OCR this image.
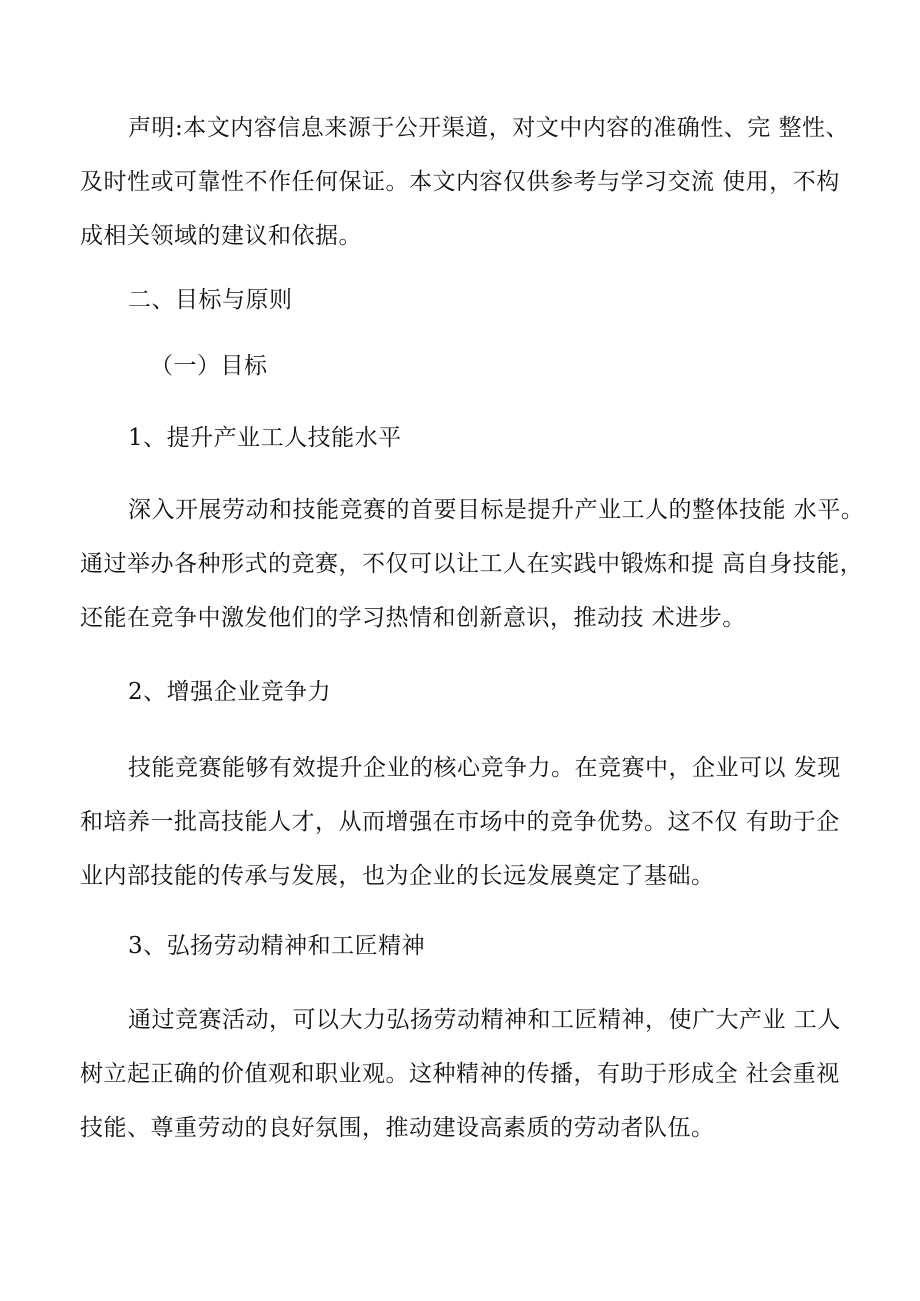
声明:本文内容信息来源于公开渠道，对文中内容的准确性、完 整性、
及时性或可靠性不作任何保证。本文内容仅供参考与学习交流 使用，不构
成相关领域的建议和依据。
二、目标与原则
（一）目标
1、提升产业工人技能水平
深入开展劳动和技能竞赛的首要目标是提升产业工人的整体技能 水平。
通过举办各种形式的竞赛，不仅可以让工人在实践中锻炼和提 高自身技能，
还能在竞争中激发他们的学习热情和创新意识，推动技 术进步。
2、增强企业竞争力
技能竞赛能够有效提升企业的核心竞争力。在竞赛中，企业可以 发现
和培养一批高技能人才，从而增强在市场中的竞争优势。这不仅 有助于企
业内部技能的传承与发展，也为企业的长远发展奠定了基础。
3、弘扬劳动精神和工匠精神
通过竞赛活动，可以大力弘扬劳动精神和工匠精神，使广大产业 工人
树立起正确的价值观和职业观。这种精神的传播，有助于形成全 社会重视
技能、尊重劳动的良好氛围，推动建设高素质的劳动者队伍。
